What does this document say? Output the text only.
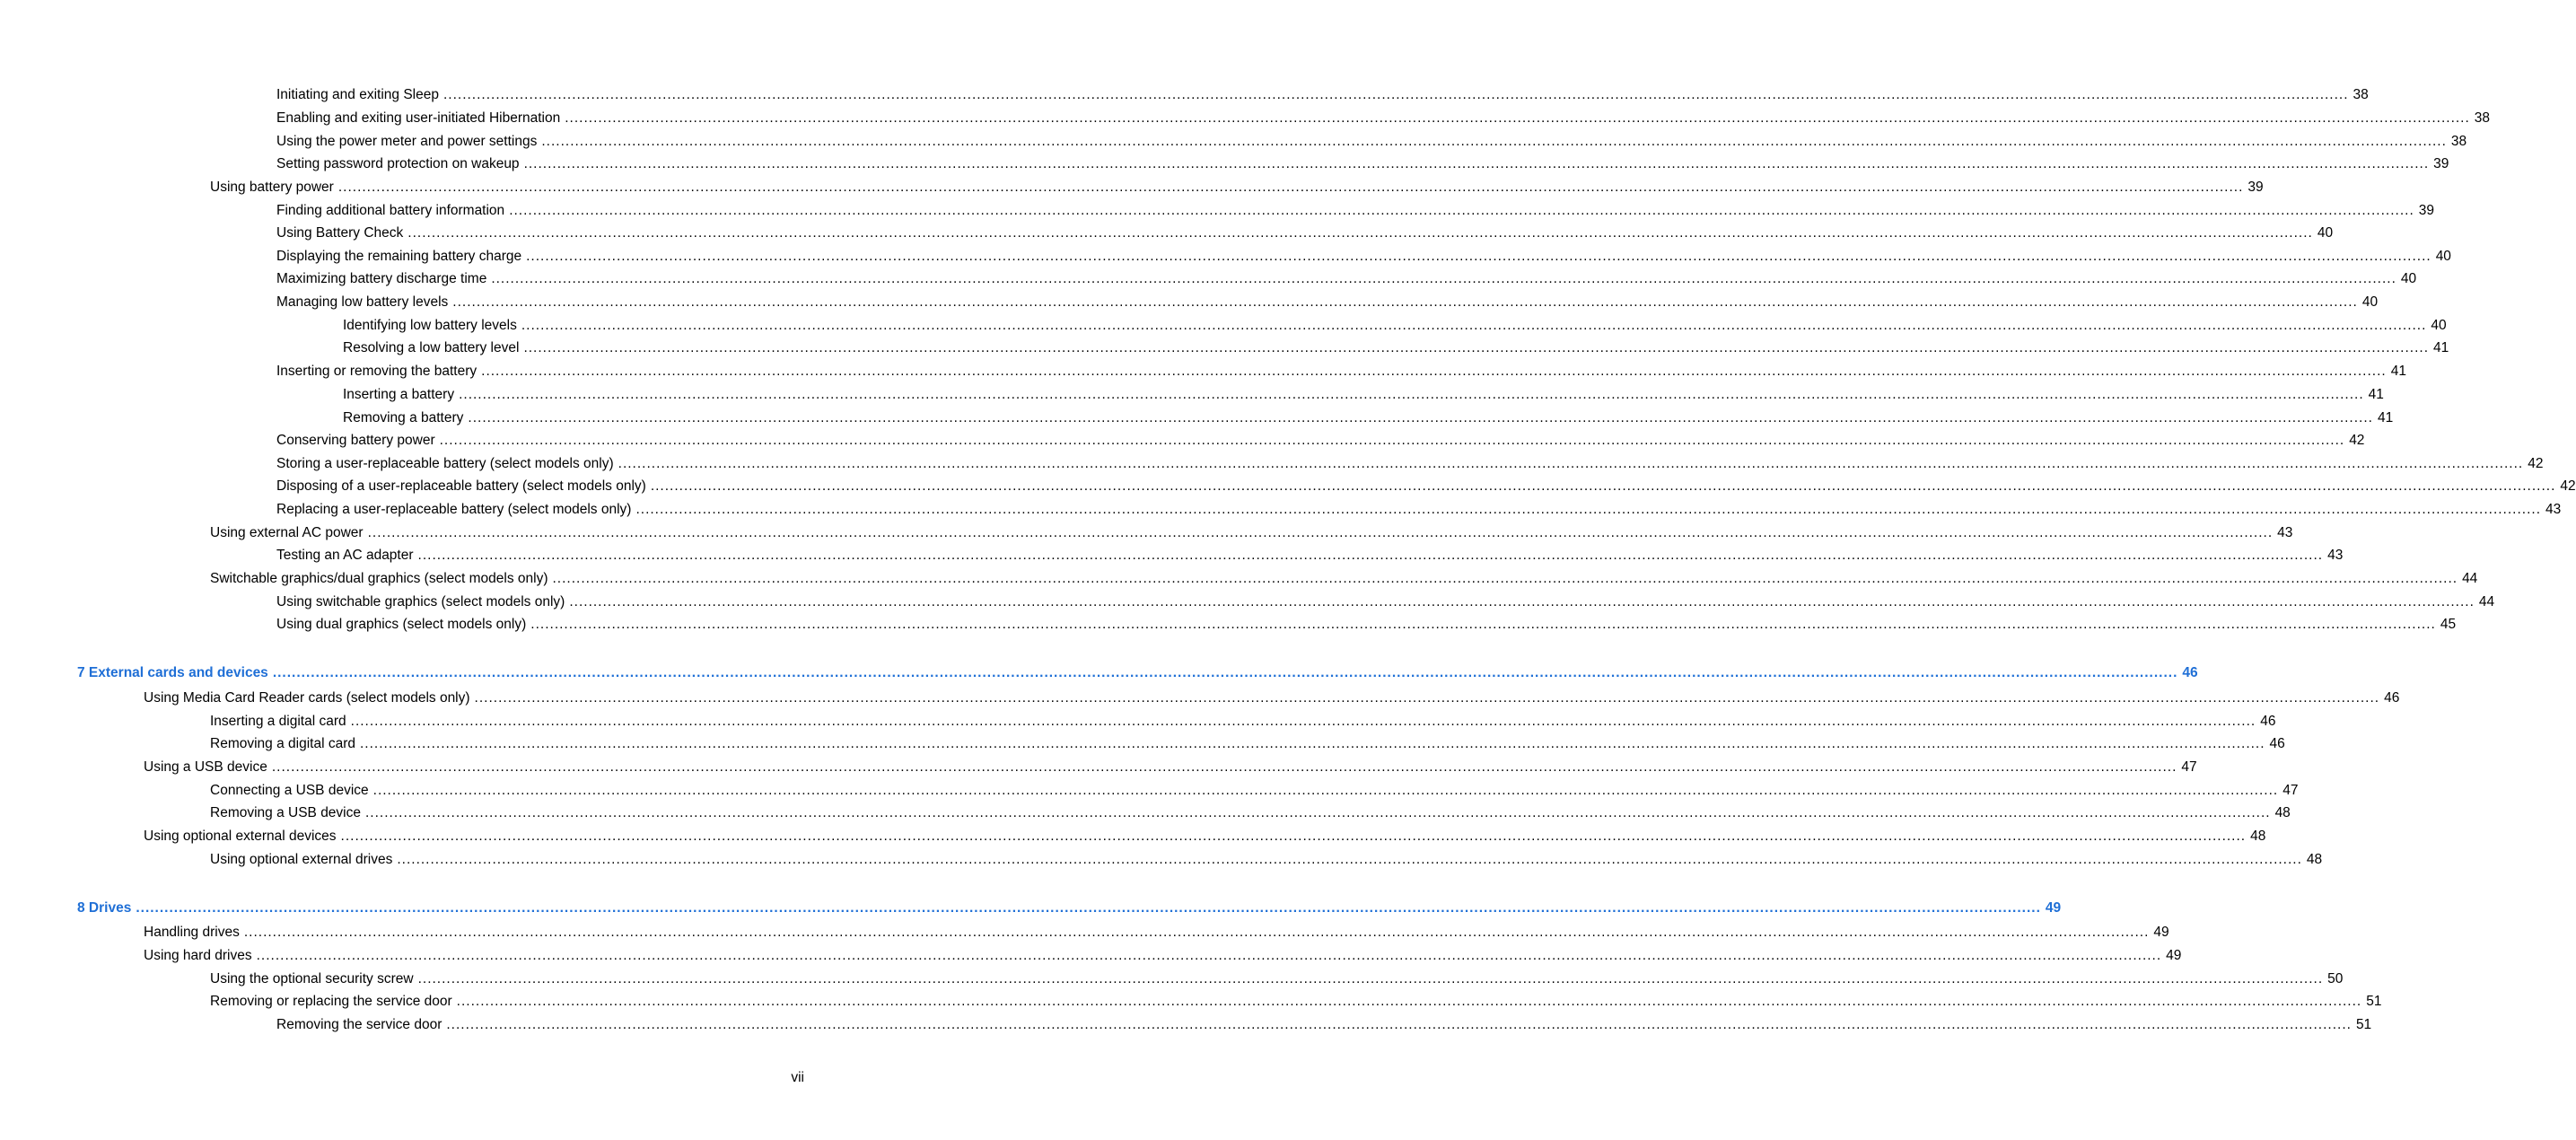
Initiating and exiting Sleep ................................................................................................................................................................................................................................................................................................................................................................................................................ 38
Enabling and exiting user-initiated Hibernation ................................................................................................................................................................................................................................................................................................................................................................................................................ 38
Using the power meter and power settings ................................................................................................................................................................................................................................................................................................................................................................................................................ 38
Setting password protection on wakeup ................................................................................................................................................................................................................................................................................................................................................................................................................ 39
Using battery power ................................................................................................................................................................................................................................................................................................................................................................................................................ 39
Finding additional battery information ................................................................................................................................................................................................................................................................................................................................................................................................................ 39
Using Battery Check ................................................................................................................................................................................................................................................................................................................................................................................................................ 40
Displaying the remaining battery charge ................................................................................................................................................................................................................................................................................................................................................................................................................ 40
Maximizing battery discharge time ................................................................................................................................................................................................................................................................................................................................................................................................................ 40
Managing low battery levels ................................................................................................................................................................................................................................................................................................................................................................................................................ 40
Identifying low battery levels ................................................................................................................................................................................................................................................................................................................................................................................................................ 40
Resolving a low battery level ................................................................................................................................................................................................................................................................................................................................................................................................................ 41
Inserting or removing the battery ................................................................................................................................................................................................................................................................................................................................................................................................................ 41
Inserting a battery ................................................................................................................................................................................................................................................................................................................................................................................................................ 41
Removing a battery ................................................................................................................................................................................................................................................................................................................................................................................................................ 41
Conserving battery power ................................................................................................................................................................................................................................................................................................................................................................................................................ 42
Storing a user-replaceable battery (select models only) ................................................................................................................................................................................................................................................................................................................................................................................................................ 42
Disposing of a user-replaceable battery (select models only) ................................................................................................................................................................................................................................................................................................................................................................................................................ 42
Replacing a user-replaceable battery (select models only) ................................................................................................................................................................................................................................................................................................................................................................................................................ 43
Using external AC power ................................................................................................................................................................................................................................................................................................................................................................................................................ 43
Testing an AC adapter ................................................................................................................................................................................................................................................................................................................................................................................................................ 43
Switchable graphics/dual graphics (select models only) ................................................................................................................................................................................................................................................................................................................................................................................................................ 44
Using switchable graphics (select models only) ................................................................................................................................................................................................................................................................................................................................................................................................................ 44
Using dual graphics (select models only) ................................................................................................................................................................................................................................................................................................................................................................................................................ 45
7 External cards and devices ................................................................................................................................................................................................................................................................................................................................................................................................................ 46
Using Media Card Reader cards (select models only) ................................................................................................................................................................................................................................................................................................................................................................................................................ 46
Inserting a digital card ................................................................................................................................................................................................................................................................................................................................................................................................................ 46
Removing a digital card ................................................................................................................................................................................................................................................................................................................................................................................................................ 46
Using a USB device ................................................................................................................................................................................................................................................................................................................................................................................................................ 47
Connecting a USB device ................................................................................................................................................................................................................................................................................................................................................................................................................ 47
Removing a USB device ................................................................................................................................................................................................................................................................................................................................................................................................................ 48
Using optional external devices ................................................................................................................................................................................................................................................................................................................................................................................................................ 48
Using optional external drives ................................................................................................................................................................................................................................................................................................................................................................................................................ 48
8 Drives ................................................................................................................................................................................................................................................................................................................................................................................................................ 49
Handling drives ................................................................................................................................................................................................................................................................................................................................................................................................................ 49
Using hard drives ................................................................................................................................................................................................................................................................................................................................................................................................................ 49
Using the optional security screw ................................................................................................................................................................................................................................................................................................................................................................................................................ 50
Removing or replacing the service door ................................................................................................................................................................................................................................................................................................................................................................................................................ 51
Removing the service door ................................................................................................................................................................................................................................................................................................................................................................................................................ 51
vii
